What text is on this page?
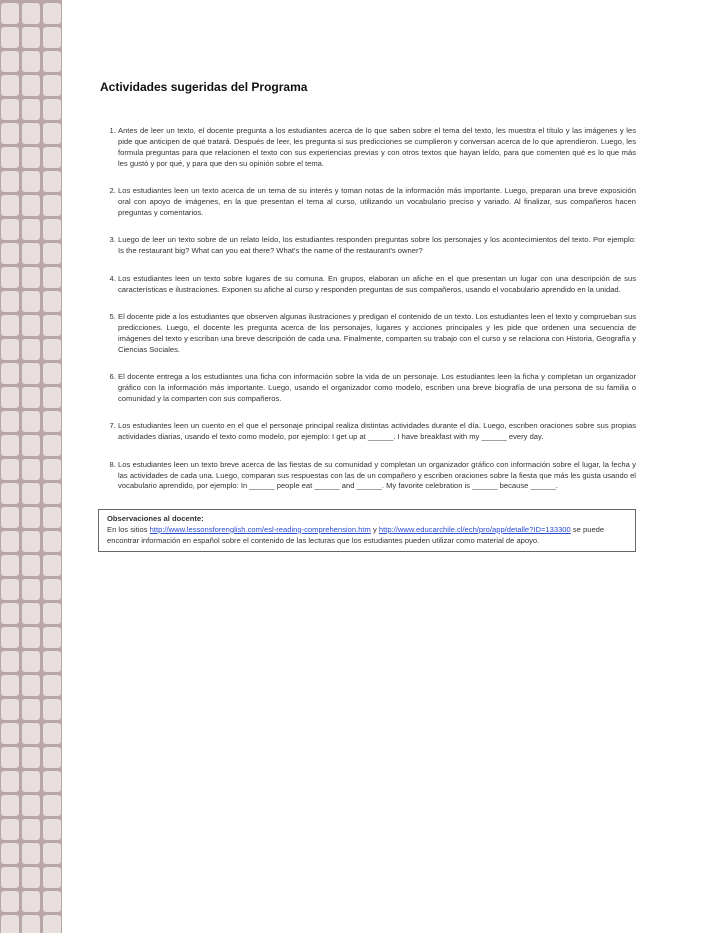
Actividades sugeridas del Programa
1. Antes de leer un texto, el docente pregunta a los estudiantes acerca de lo que saben sobre el tema del texto, les muestra el título y las imágenes y les pide que anticipen de qué tratará. Después de leer, les pregunta si sus predicciones se cumplieron y conversan acerca de lo que aprendieron. Luego, les formula preguntas para que relacionen el texto con sus experiencias previas y con otros textos que hayan leído, para que comenten qué es lo que más les gustó y por qué, y para que den su opinión sobre el tema.
2. Los estudiantes leen un texto acerca de un tema de su interés y toman notas de la información más importante. Luego, preparan una breve exposición oral con apoyo de imágenes, en la que presentan el tema al curso, utilizando un vocabulario preciso y variado. Al finalizar, sus compañeros hacen preguntas y comentarios.
3. Luego de leer un texto sobre de un relato leído, los estudiantes responden preguntas sobre los personajes y los acontecimientos del texto. Por ejemplo: Is the restaurant big? What can you eat there? What's the name of the restaurant's owner?
4. Los estudiantes leen un texto sobre lugares de su comuna. En grupos, elaboran un afiche en el que presentan un lugar con una descripción de sus características e ilustraciones. Exponen su afiche al curso y responden preguntas de sus compañeros, usando el vocabulario aprendido en la unidad.
5. El docente pide a los estudiantes que observen algunas ilustraciones y predigan el contenido de un texto. Los estudiantes leen el texto y comprueban sus predicciones. Luego, el docente les pregunta acerca de los personajes, lugares y acciones principales y les pide que ordenen una secuencia de imágenes del texto y escriban una breve descripción de cada una. Finalmente, comparten su trabajo con el curso y se relaciona con Historia, Geografía y Ciencias Sociales.
6. El docente entrega a los estudiantes una ficha con información sobre la vida de un personaje. Los estudiantes leen la ficha y completan un organizador gráfico con la información más importante. Luego, usando el organizador como modelo, escriben una breve biografía de una persona de su familia o comunidad y la comparten con sus compañeros.
7. Los estudiantes leen un cuento en el que el personaje principal realiza distintas actividades durante el día. Luego, escriben oraciones sobre sus propias actividades diarias, usando el texto como modelo, por ejemplo: I get up at ______. I have breakfast with my ______ every day.
8. Los estudiantes leen un texto breve acerca de las fiestas de su comunidad y completan un organizador gráfico con información sobre el lugar, la fecha y las actividades de cada una. Luego, comparan sus respuestas con las de un compañero y escriben oraciones sobre la fiesta que más les gusta usando el vocabulario aprendido, por ejemplo: In ______ people eat ______ and ______. My favorite celebration is ______ because ______.
Observaciones al docente:
En los sitios http://www.lessonsforenglish.com/esl-reading-comprehension.htm y http://www.educarchile.cl/ech/pro/app/detalle?ID=133300 se puede encontrar información en español sobre el contenido de las lecturas que los estudiantes pueden utilizar como material de apoyo.
